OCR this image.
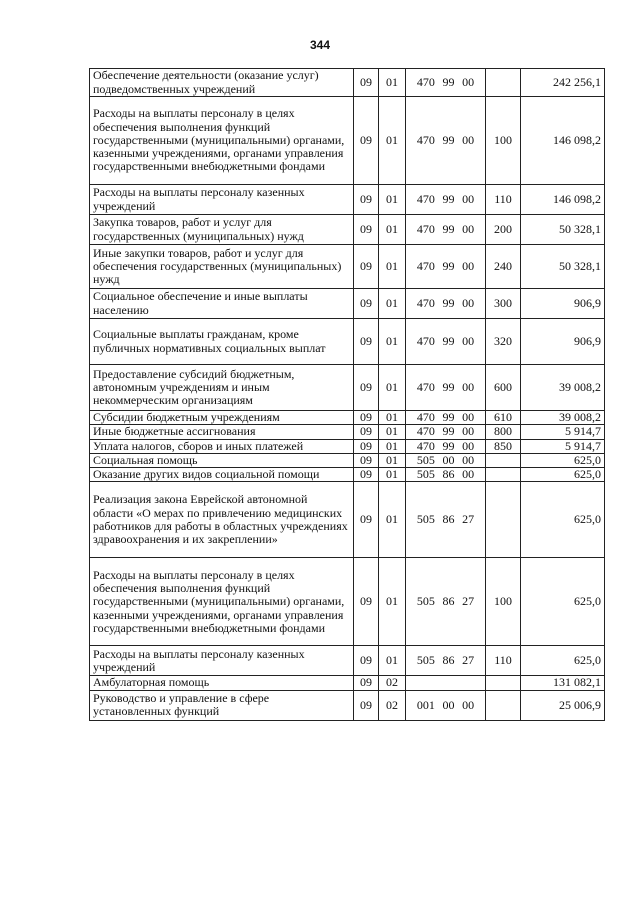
344
Обеспечение деятельности (оказание услуг) подведомственных учреждений	09	01	470 99 00		242 256,1
Расходы на выплаты персоналу в целях обеспечения выполнения функций государственными (муниципальными) органами, казенными учреждениями, органами управления государственными внебюджетными фондами	09	01	470 99 00	100	146 098,2
Расходы на выплаты персоналу казенных учреждений	09	01	470 99 00	110	146 098,2
Закупка товаров, работ и услуг для государственных (муниципальных) нужд	09	01	470 99 00	200	50 328,1
Иные закупки товаров, работ и услуг для обеспечения государственных (муниципальных) нужд	09	01	470 99 00	240	50 328,1
Социальное обеспечение и иные выплаты населению	09	01	470 99 00	300	906,9
Социальные выплаты гражданам, кроме публичных нормативных социальных выплат	09	01	470 99 00	320	906,9
Предоставление субсидий бюджетным, автономным учреждениям и иным некоммерческим организациям	09	01	470 99 00	600	39 008,2
Субсидии бюджетным учреждениям	09	01	470 99 00	610	39 008,2
Иные бюджетные ассигнования	09	01	470 99 00	800	5 914,7
Уплата налогов, сборов и иных платежей	09	01	470 99 00	850	5 914,7
Социальная помощь	09	01	505 00 00		625,0
Оказание других видов социальной помощи	09	01	505 86 00		625,0
Реализация закона Еврейской автономной области «О мерах по привлечению медицинских работников для работы в областных учреждениях здравоохранения и их закреплении»	09	01	505 86 27		625,0
Расходы на выплаты персоналу в целях обеспечения выполнения функций государственными (муниципальными) органами, казенными учреждениями, органами управления государственными внебюджетными фондами	09	01	505 86 27	100	625,0
Расходы на выплаты персоналу казенных учреждений	09	01	505 86 27	110	625,0
Амбулаторная помощь	09	02			131 082,1
Руководство и управление в сфере установленных функций	09	02	001 00 00		25 006,9
